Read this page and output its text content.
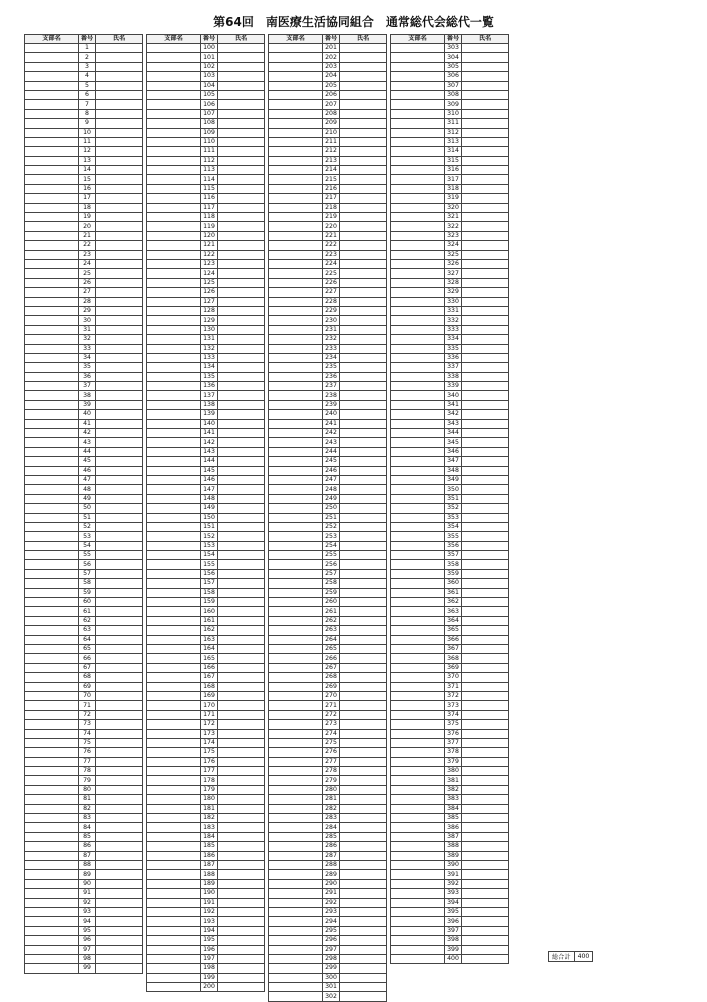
第64回　南医療生活協同組合　通常総代会総代一覧
支部名	番号	氏名
	1	
	2	
	3	
	4	
	5	
	6	
	7	
	8	
	9	
	10	
	11	
	12	
	13	
	14	
	15	
	16	
	17	
	18	
	19	
	20	
	21	
	22	
	23	
	24	
	25	
	26	
	27	
	28	
	29	
	30	
	31	
	32	
	33	
	34	
	35	
	36	
	37	
	38	
	39	
	40	
	41	
	42	
	43	
	44	
	45	
	46	
	47	
	48	
	49	
	50	
	51	
	52	
	53	
	54	
	55	
	56	
	57	
	58	
	59	
	60	
	61	
	62	
	63	
	64	
	65	
	66	
	67	
	68	
	69	
	70	
	71	
	72	
	73	
	74	
	75	
	76	
	77	
	78	
	79	
	80	
	81	
	82	
	83	
	84	
	85	
	86	
	87	
	88	
	89	
	90	
	91	
	92	
	93	
	94	
	95	
	96	
	97	
	98	
	99	
支部名	番号	氏名
	100	
	101	
	102	
	103	
	104	
	105	
	106	
	107	
	108	
	109	
	110	
	111	
	112	
	113	
	114	
	115	
	116	
	117	
	118	
	119	
	120	
	121	
	122	
	123	
	124	
	125	
	126	
	127	
	128	
	129	
	130	
	131	
	132	
	133	
	134	
	135	
	136	
	137	
	138	
	139	
	140	
	141	
	142	
	143	
	144	
	145	
	146	
	147	
	148	
	149	
	150	
	151	
	152	
	153	
	154	
	155	
	156	
	157	
	158	
	159	
	160	
	161	
	162	
	163	
	164	
	165	
	166	
	167	
	168	
	169	
	170	
	171	
	172	
	173	
	174	
	175	
	176	
	177	
	178	
	179	
	180	
	181	
	182	
	183	
	184	
	185	
	186	
	187	
	188	
	189	
	190	
	191	
	192	
	193	
	194	
	195	
	196	
	197	
	198	
	199	
	200	
支部名	番号	氏名
	201	
	202	
	203	
	204	
	205	
	206	
	207	
	208	
	209	
	210	
	211	
	212	
	213	
	214	
	215	
	216	
	217	
	218	
	219	
	220	
	221	
	222	
	223	
	224	
	225	
	226	
	227	
	228	
	229	
	230	
	231	
	232	
	233	
	234	
	235	
	236	
	237	
	238	
	239	
	240	
	241	
	242	
	243	
	244	
	245	
	246	
	247	
	248	
	249	
	250	
	251	
	252	
	253	
	254	
	255	
	256	
	257	
	258	
	259	
	260	
	261	
	262	
	263	
	264	
	265	
	266	
	267	
	268	
	269	
	270	
	271	
	272	
	273	
	274	
	275	
	276	
	277	
	278	
	279	
	280	
	281	
	282	
	283	
	284	
	285	
	286	
	287	
	288	
	289	
	290	
	291	
	292	
	293	
	294	
	295	
	296	
	297	
	298	
	299	
	300	
	301	
	302	
支部名	番号	氏名
	303	
	304	
	305	
	306	
	307	
	308	
	309	
	310	
	311	
	312	
	313	
	314	
	315	
	316	
	317	
	318	
	319	
	320	
	321	
	322	
	323	
	324	
	325	
	326	
	327	
	328	
	329	
	330	
	331	
	332	
	333	
	334	
	335	
	336	
	337	
	338	
	339	
	340	
	341	
	342	
	343	
	344	
	345	
	346	
	347	
	348	
	349	
	350	
	351	
	352	
	353	
	354	
	355	
	356	
	357	
	358	
	359	
	360	
	361	
	362	
	363	
	364	
	365	
	366	
	367	
	368	
	369	
	370	
	371	
	372	
	373	
	374	
	375	
	376	
	377	
	378	
	379	
	380	
	381	
	382	
	383	
	384	
	385	
	386	
	387	
	388	
	389	
	390	
	391	
	392	
	393	
	394	
	395	
	396	
	397	
	398	
	399	
	400		総合計	400
